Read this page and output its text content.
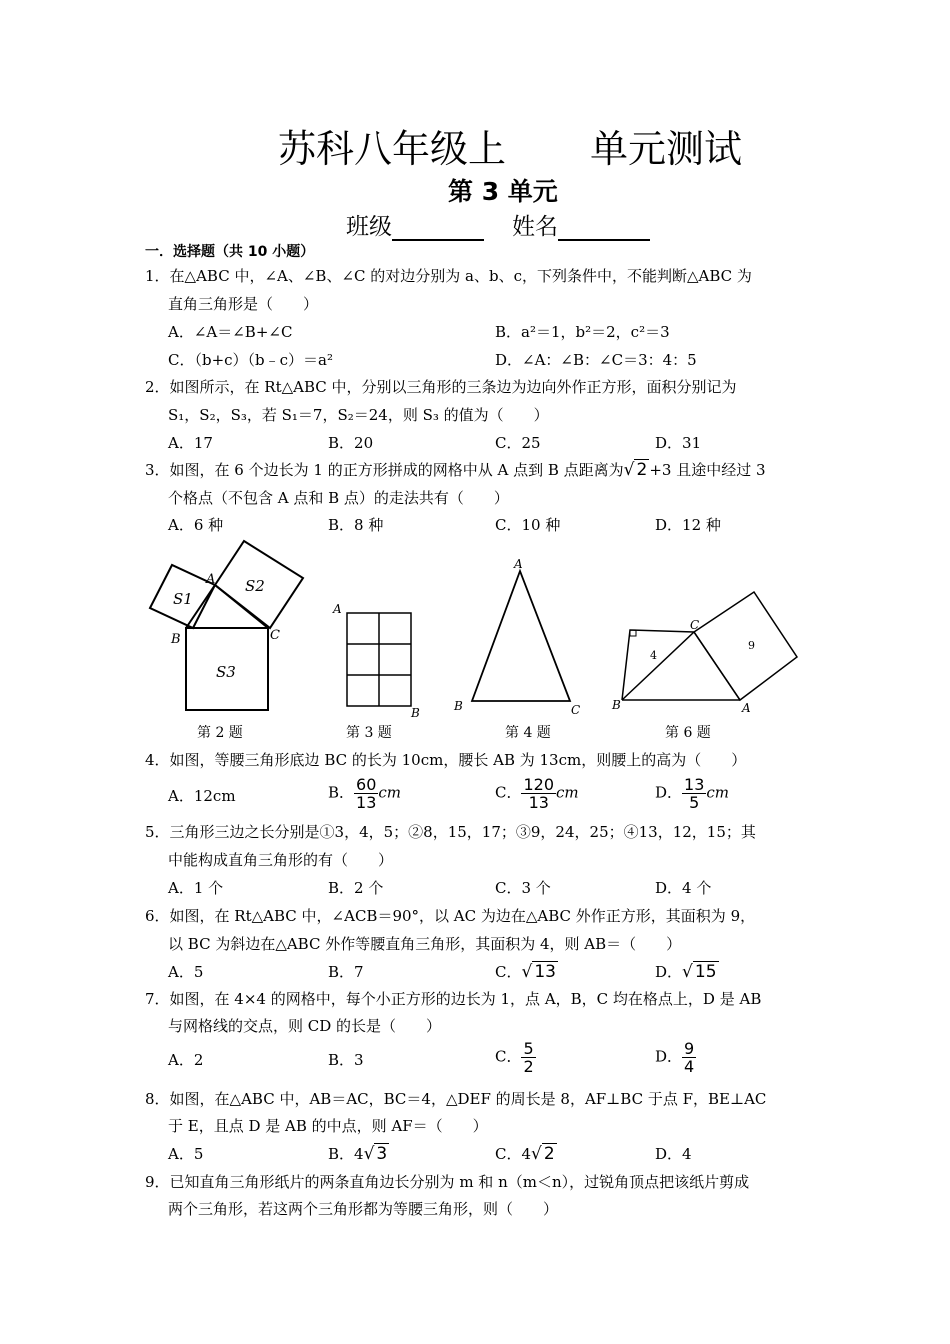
苏科八年级上 单元测试
第 3 单元
班级	姓名
一．选择题（共 10 小题）
1．在△ABC 中，∠A、∠B、∠C 的对边分别为 a、b、c，下列条件中，不能判断△ABC 为
直角三角形是（　　）
A．∠A＝∠B+∠C	B．a²＝1，b²＝2，c²＝3
C．（b+c）（b﹣c）＝a²	D．∠A：∠B：∠C＝3：4：5
2．如图所示，在 Rt△ABC 中，分别以三角形的三条边为边向外作正方形，面积分别记为
S₁，S₂，S₃，若 S₁＝7，S₂＝24，则 S₃ 的值为（　　）
A．17	B．20	C．25	D．31
3．如图，在 6 个边长为 1 的正方形拼成的网格中从 A 点到 B 点距离为√ 2 +3 且途中经过 3
个格点（不包含 A 点和 B 点）的走法共有（　　）
A．6 种	B．8 种	C．10 种	D．12 种
S1
S2
S3
A
B	C
第 2 题
A
B
第 3 题
A
B	C
第 4 题
C
4
9
B	A
第 6 题
4．如图，等腰三角形底边 BC 的长为 10cm，腰长 AB 为 13cm，则腰上的高为（　　）
A．12cm	B． $\frac{60}{13}$ cm	C． $\frac{120}{13}$ cm	D． $\frac{13}{5}$ cm
5．三角形三边之长分别是①3，4，5；②8，15，17；③9，24，25；④13，12，15；其
中能构成直角三角形的有（　　）
A．1 个	B．2 个	C．3 个	D．4 个
6．如图，在 Rt△ABC 中，∠ACB＝90°，以 AC 为边在△ABC 外作正方形，其面积为 9，
以 BC 为斜边在△ABC 外作等腰直角三角形，其面积为 4，则 AB＝（　　）
A．5	B．7	C．√ 13	D．√ 15
7．如图，在 4×4 的网格中，每个小正方形的边长为 1，点 A，B，C 均在格点上，D 是 AB
与网格线的交点，则 CD 的长是（　　）
A．2	B．3	C． $\frac{5}{2}$	D． $\frac{9}{4}$
8．如图，在△ABC 中，AB＝AC，BC＝4，△DEF 的周长是 8，AF⊥BC 于点 F，BE⊥AC
于 E，且点 D 是 AB 的中点，则 AF＝（　　）
A．5	B．4√ 3	C．4√ 2	D．4
9．已知直角三角形纸片的两条直角边长分别为 m 和 n（m＜n），过锐角顶点把该纸片剪成
两个三角形，若这两个三角形都为等腰三角形，则（　　）
